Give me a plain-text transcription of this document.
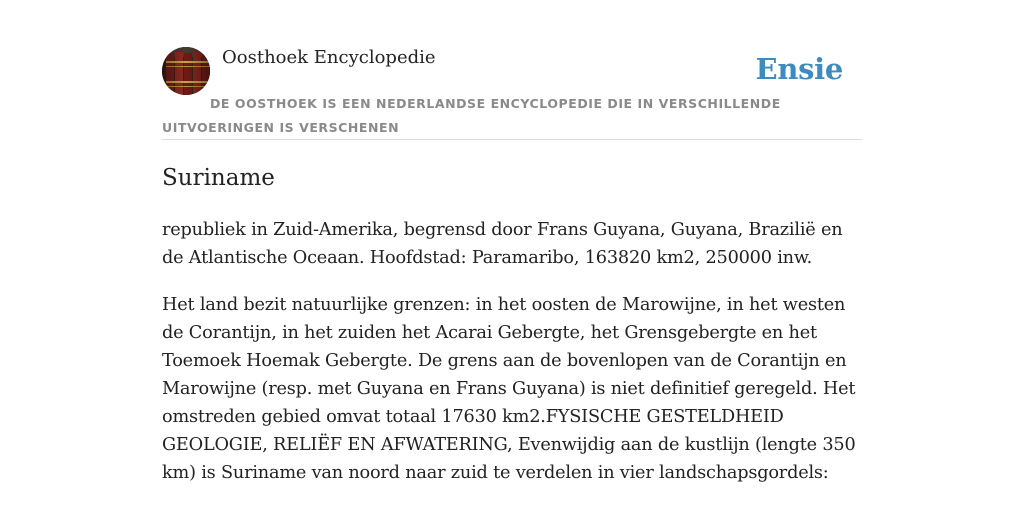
Oosthoek Encyclopedie	Ensie
DE OOSTHOEK IS EEN NEDERLANDSE ENCYCLOPEDIE DIE IN VERSCHILLENDE UITVOERINGEN IS VERSCHENEN
Suriname

republiek in Zuid-Amerika, begrensd door Frans Guyana, Guyana, Brazilië en de Atlantische Oceaan. Hoofdstad: Paramaribo, 163820 km2, 250000 inw.

Het land bezit natuurlijke grenzen: in het oosten de Marowijne, in het westen de Corantijn, in het zuiden het Acarai Gebergte, het Grensgebergte en het Toemoek Hoemak Gebergte. De grens aan de bovenlopen van de Corantijn en Marowijne (resp. met Guyana en Frans Guyana) is niet definitief geregeld. Het omstreden gebied omvat totaal 17630 km2.FYSISCHE GESTELDHEID GEOLOGIE, RELIËF EN AFWATERING, Evenwijdig aan de kustlijn (lengte 350 km) is Suriname van noord naar zuid te verdelen in vier landschapsgordels:
